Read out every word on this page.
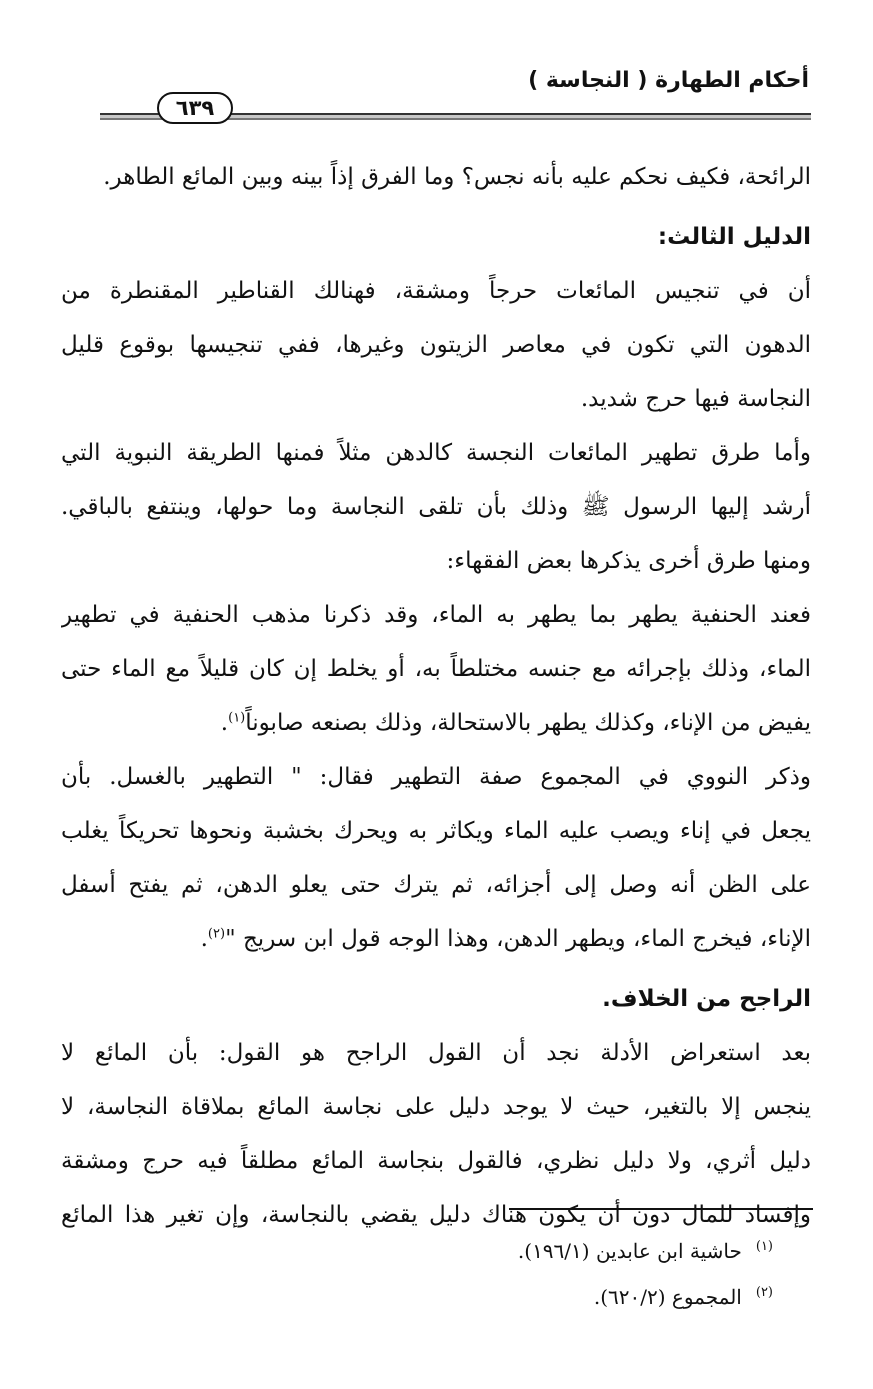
أحكام الطهارة ( النجاسة )
٦٣٩
الرائحة، فكيف نحكم عليه بأنه نجس؟ وما الفرق إذاً بينه وبين المائع الطاهر.
الدليل الثالث:
أن في تنجيس المائعات حرجاً ومشقة، فهنالك القناطير المقنطرة من
الدهون التي تكون في معاصر الزيتون وغيرها، ففي تنجيسها بوقوع قليل
النجاسة فيها حرج شديد.
وأما طرق تطهير المائعات النجسة كالدهن مثلاً فمنها الطريقة النبوية التي
أرشد إليها الرسول ﷺ وذلك بأن تلقى النجاسة وما حولها، وينتفع بالباقي.
ومنها طرق أخرى يذكرها بعض الفقهاء:
فعند الحنفية يطهر بما يطهر به الماء، وقد ذكرنا مذهب الحنفية في تطهير
الماء، وذلك بإجرائه مع جنسه مختلطاً به، أو يخلط إن كان قليلاً مع الماء حتى
يفيض من الإناء، وكذلك يطهر بالاستحالة، وذلك بصنعه صابوناً$^{(١)}$.
وذكر النووي في المجموع صفة التطهير فقال: " التطهير بالغسل. بأن
يجعل في إناء ويصب عليه الماء ويكاثر به ويحرك بخشبة ونحوها تحريكاً يغلب
على الظن أنه وصل إلى أجزائه، ثم يترك حتى يعلو الدهن، ثم يفتح أسفل
الإناء، فيخرج الماء، ويطهر الدهن، وهذا الوجه قول ابن سريج "$^{(٢)}$.
الراجح من الخلاف.
بعد استعراض الأدلة نجد أن القول الراجح هو القول: بأن المائع لا
ينجس إلا بالتغير، حيث لا يوجد دليل على نجاسة المائع بملاقاة النجاسة، لا
دليل أثري، ولا دليل نظري، فالقول بنجاسة المائع مطلقاً فيه حرج ومشقة
وإفساد للمال دون أن يكون هناك دليل يقضي بالنجاسة، وإن تغير هذا المائع
$^{(١)}$حاشية ابن عابدين (١٩٦/١).
$^{(٢)}$المجموع (٦٢٠/٢).
